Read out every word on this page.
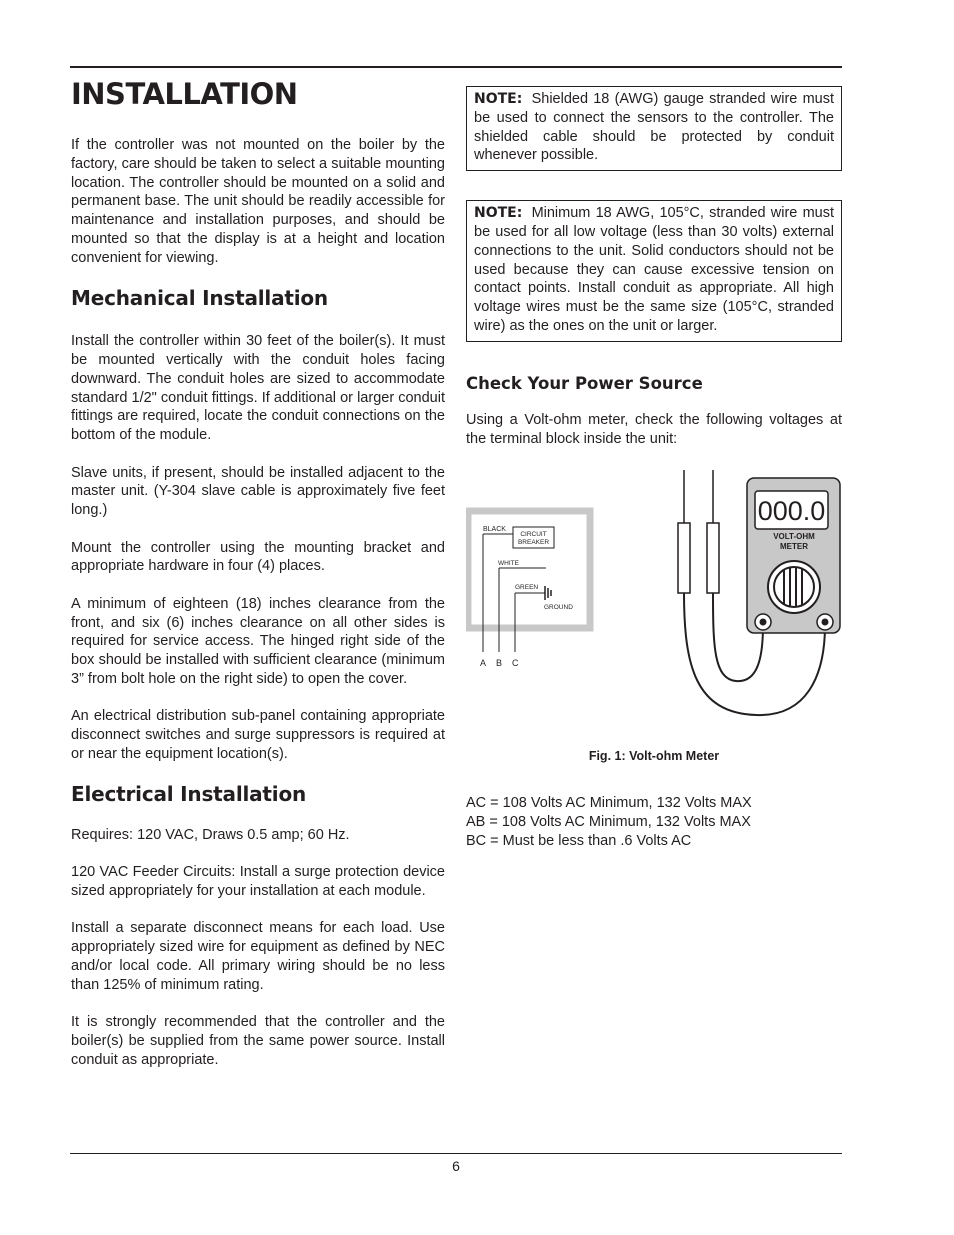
INSTALLATION

If the controller was not mounted on the boiler by the factory, care should be taken to select a suitable mounting location. The controller should be mounted on a solid and permanent base. The unit should be readily accessible for maintenance and installation purposes, and should be mounted so that the display is at a height and location convenient for viewing.

Mechanical Installation

Install the controller within 30 feet of the boiler(s). It must be mounted vertically with the conduit holes facing downward. The conduit holes are sized to accommodate standard 1/2" conduit fittings. If additional or larger conduit fittings are required, locate the conduit connections on the bottom of the module.

Slave units, if present, should be installed adjacent to the master unit. (Y-304 slave cable is approximately five feet long.)

Mount the controller using the mounting bracket and appropriate hardware in four (4) places.

A minimum of eighteen (18) inches clearance from the front, and six (6) inches clearance on all other sides is required for service access. The hinged right side of the box should be installed with sufficient clearance (minimum 3” from bolt hole on the right side) to open the cover.

An electrical distribution sub-panel containing appropriate disconnect switches and surge suppressors is required at or near the equipment location(s).

Electrical Installation

Requires: 120 VAC, Draws 0.5 amp; 60 Hz.

120 VAC Feeder Circuits: Install a surge protection device sized appropriately for your installation at each module.

Install a separate disconnect means for each load. Use appropriately sized wire for equipment as defined by NEC and/or local code. All primary wiring should be no less than 125% of minimum rating.

It is strongly recommended that the controller and the boiler(s) be supplied from the same power source. Install conduit as appropriate.

NOTE: Shielded 18 (AWG) gauge stranded wire must be used to connect the sensors to the controller. The shielded cable should be protected by conduit whenever possible.
NOTE: Minimum 18 AWG, 105°C, stranded wire must be used for all low voltage (less than 30 volts) external connections to the unit. Solid conductors should not be used because they can cause excessive tension on contact points. Install conduit as appropriate. All high voltage wires must be the same size (105°C, stranded wire) as the ones on the unit or larger.
Check Your Power Source

Using a Volt-ohm meter, check the following voltages at the terminal block inside the unit:

BLACK
CIRCUIT
BREAKER
WHITE
GREEN
GROUND
A B C
000.0
VOLT-OHM
METER
Fig. 1: Volt-ohm Meter

AC = 108 Volts AC Minimum, 132 Volts MAX

AB = 108 Volts AC Minimum, 132 Volts MAX

BC = Must be less than .6 Volts AC

6
